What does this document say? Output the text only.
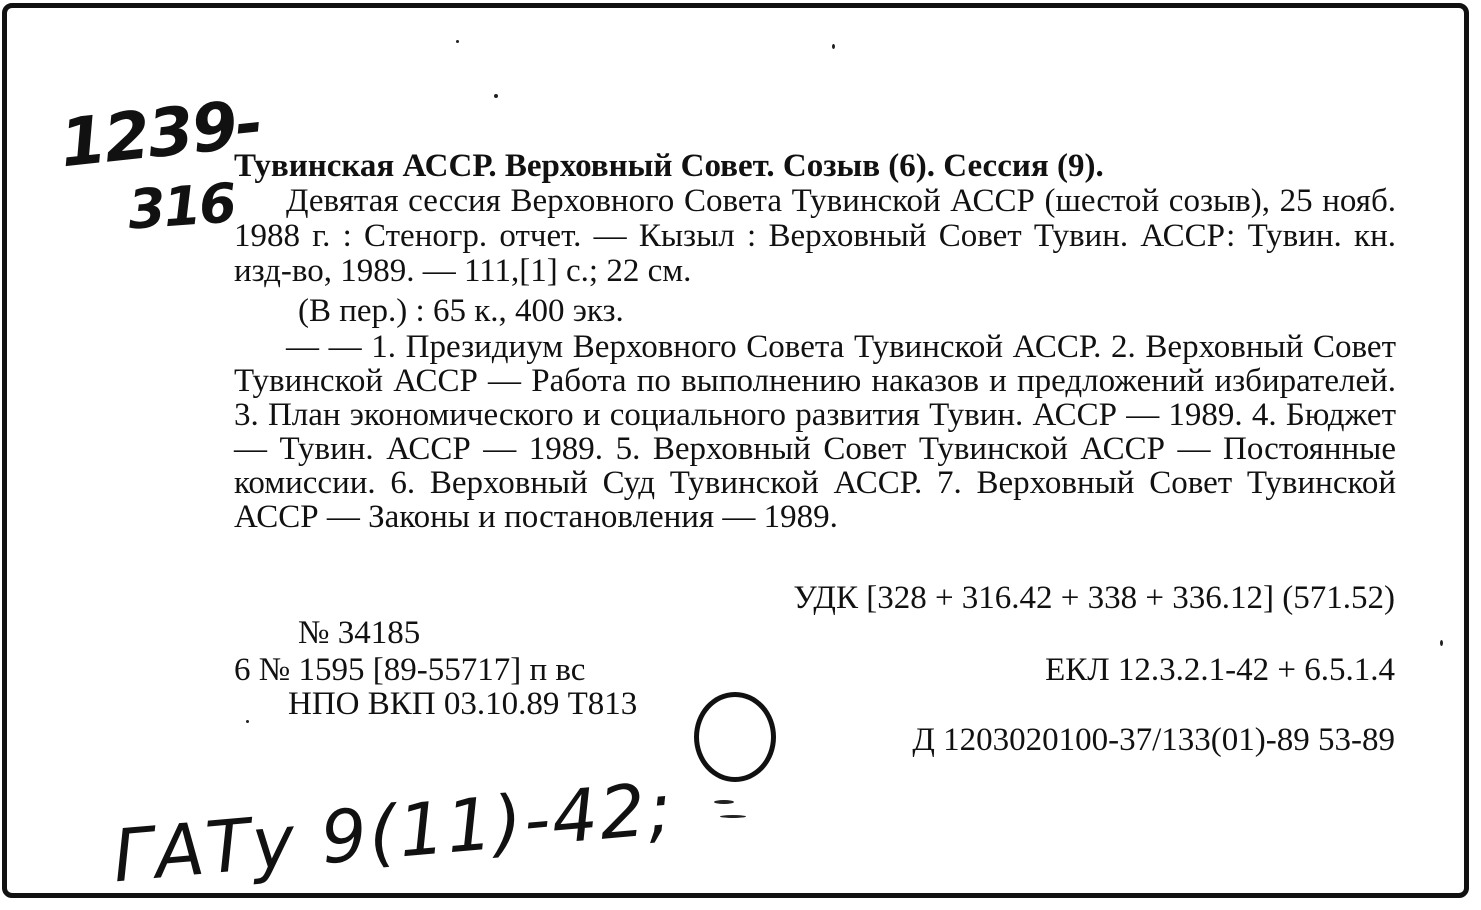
1239-
316
Тувинская АССР. Верховный Совет. Созыв (6). Сессия (9).

Девятая сессия Верховного Совета Тувинской АССР (шестой созыв), 25 нояб. 1988 г. : Стеногр. отчет. — Кызыл : Верховный Совет Тувин. АССР: Тувин. кн. изд-во, 1989. — 111,[1] с.; 22 см.

(В пер.) : 65 к., 400 экз.

— — 1. Президиум Верховного Совета Тувинской АССР. 2. Верховный Совет Тувинской АССР — Работа по выполнению наказов и предложений избирателей. 3. План экономического и социального развития Тувин. АССР — 1989. 4. Бюджет — Тувин. АССР — 1989. 5. Верховный Совет Тувинской АССР — Постоянные комиссии. 6. Верховный Суд Тувинской АССР. 7. Верховный Совет Тувинской АССР — Законы и постановления — 1989.

УДК [328 + 316.42 + 338 + 336.12] (571.52)
№ 34185
6 № 1595 [89-55717] п вс	ЕКЛ 12.3.2.1-42 + 6.5.1.4
НПО ВКП 03.10.89 Т813
Д 1203020100-37/133(01)-89 53-89
ГАТу 9(11)-42;
